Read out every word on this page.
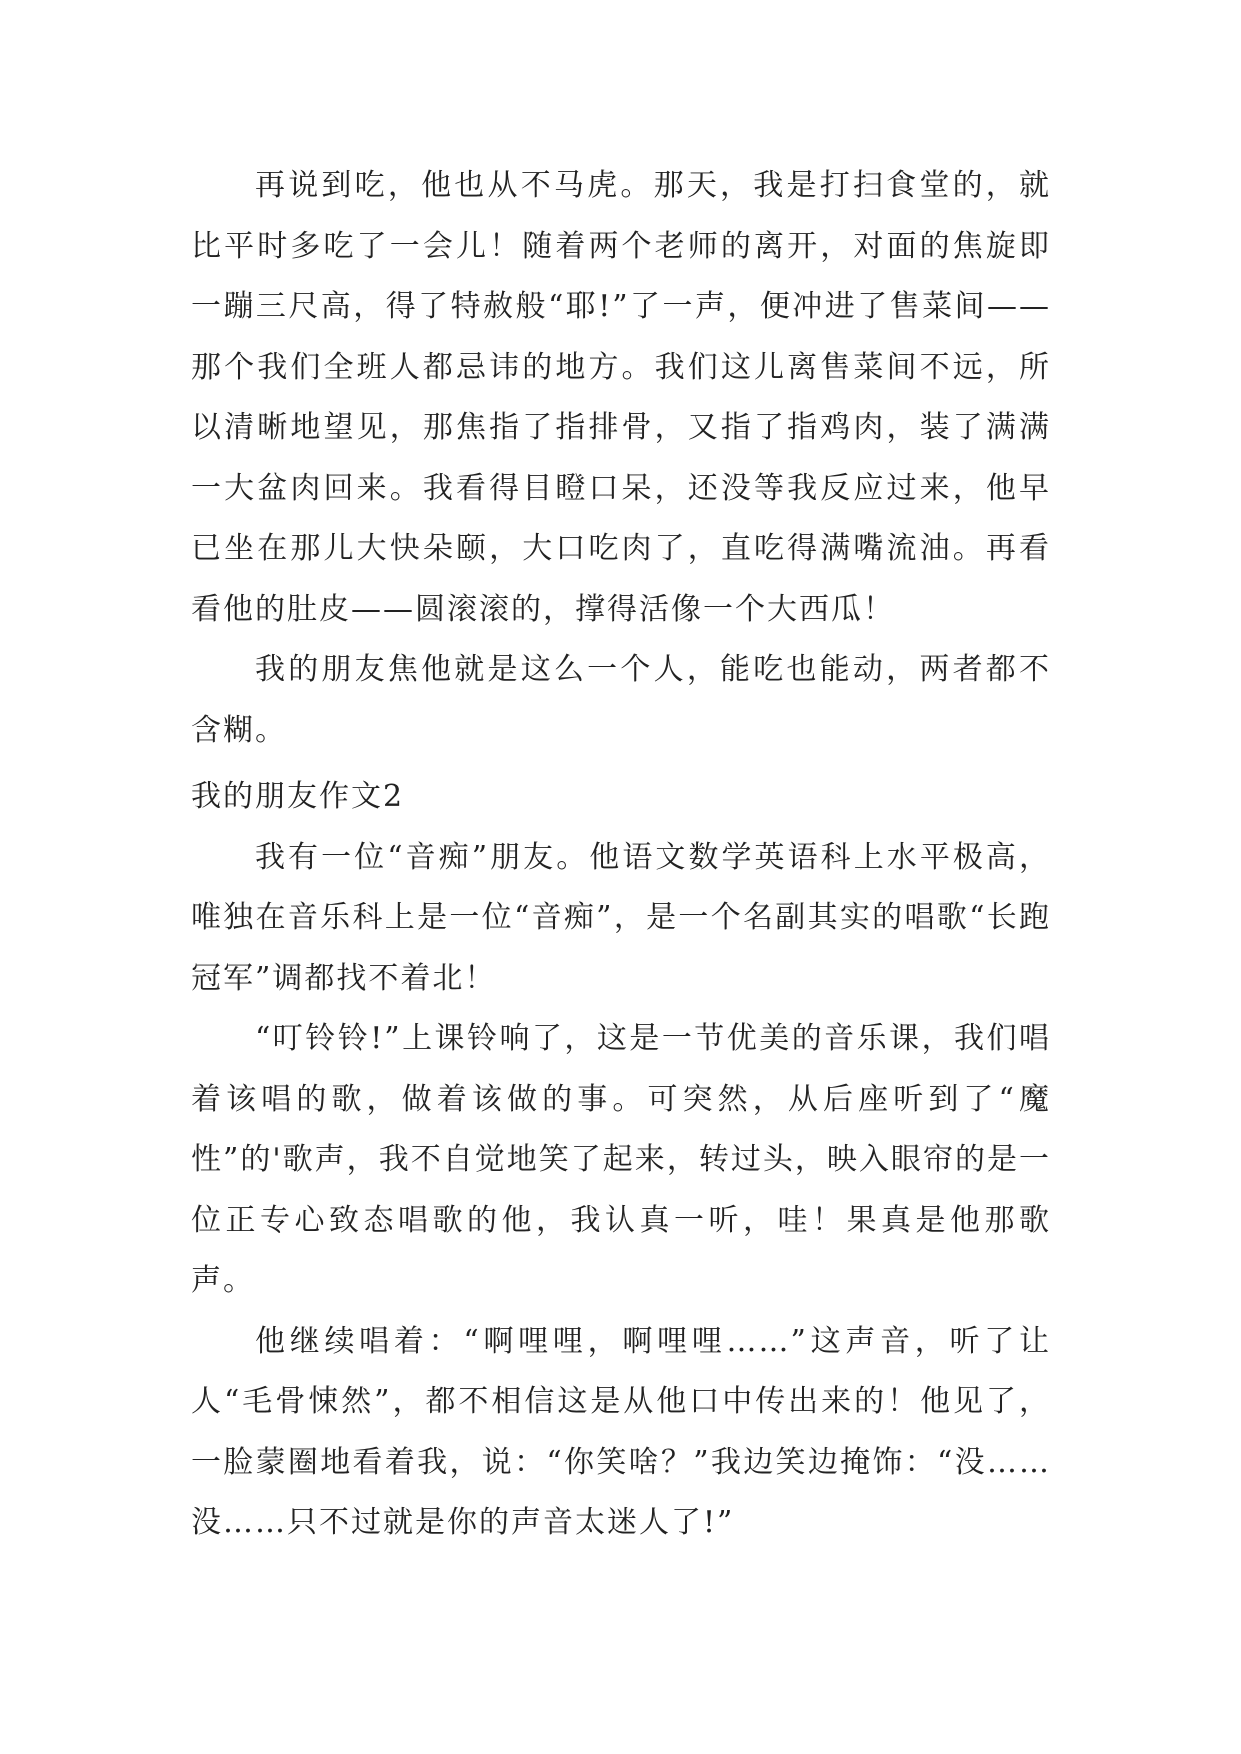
再说到吃，他也从不马虎。那天，我是打扫食堂的，就比平时多吃了一会儿！随着两个老师的离开，对面的焦旋即一蹦三尺高，得了特赦般“耶!”了一声，便冲进了售菜间——那个我们全班人都忌讳的地方。我们这儿离售菜间不远，所以清晰地望见，那焦指了指排骨，又指了指鸡肉，装了满满一大盆肉回来。我看得目瞪口呆，还没等我反应过来，他早已坐在那儿大快朵颐，大口吃肉了，直吃得满嘴流油。再看看他的肚皮——圆滚滚的，撑得活像一个大西瓜！

我的朋友焦他就是这么一个人，能吃也能动，两者都不含糊。

我的朋友作文2

我有一位“音痴”朋友。他语文数学英语科上水平极高，唯独在音乐科上是一位“音痴”，是一个名副其实的唱歌“长跑冠军”调都找不着北！

“叮铃铃!”上课铃响了，这是一节优美的音乐课，我们唱着该唱的歌，做着该做的事。可突然，从后座听到了“魔性”的'歌声，我不自觉地笑了起来，转过头，映入眼帘的是一位正专心致态唱歌的他，我认真一听，哇！果真是他那歌声。

他继续唱着：“啊哩哩，啊哩哩……”这声音，听了让人“毛骨悚然”，都不相信这是从他口中传出来的！他见了，一脸蒙圈地看着我，说：“你笑啥？”我边笑边掩饰：“没……没……只不过就是你的声音太迷人了!”
